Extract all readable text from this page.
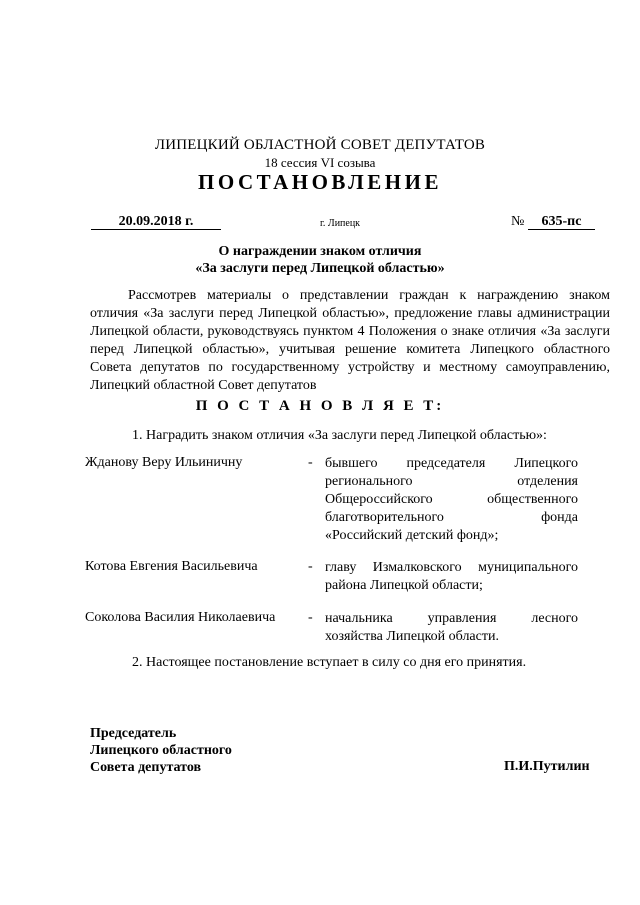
ЛИПЕЦКИЙ ОБЛАСТНОЙ СОВЕТ ДЕПУТАТОВ
18 сессия VI созыва
ПОСТАНОВЛЕНИЕ
20.09.2018 г.	г. Липецк	№	635-пс
О награждении знаком отличия
«За заслуги перед Липецкой областью»
Рассмотрев материалы о представлении граждан к награждению знаком отличия «За заслуги перед Липецкой областью», предложение главы администрации Липецкой области, руководствуясь пунктом 4 Положения о знаке отличия «За заслуги перед Липецкой областью», учитывая решение комитета Липецкого областного Совета депутатов по государственному устройству и местному самоуправлению, Липецкий областной Совет депутатов
П О С Т А Н О В Л Я Е Т:
1. Наградить знаком отличия «За заслуги перед Липецкой областью»:
Жданову Веру Ильиничну	- бывшего председателя Липецкого
регионального отделения
Общероссийского общественного
благотворительного фонда
«Российский детский фонд»;
Котова Евгения Васильевича	- главу Измалковского муниципального
района Липецкой области;
Соколова Василия Николаевича - начальника управления лесного
хозяйства Липецкой области.
2. Настоящее постановление вступает в силу со дня его принятия.
Председатель
Липецкого областного
Совета депутатов	П.И.Путилин
